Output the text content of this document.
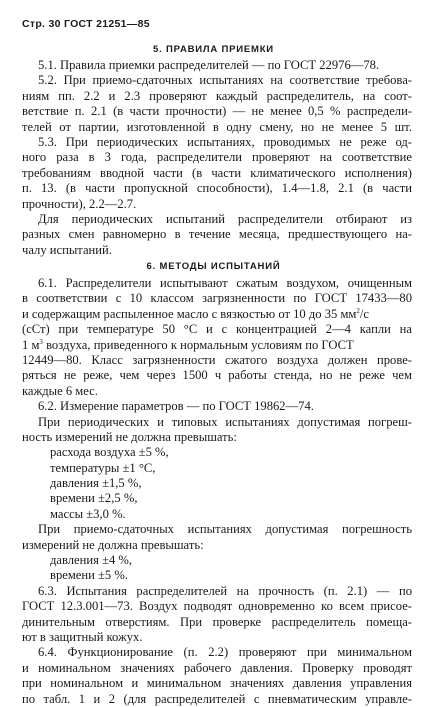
Стр. 30 ГОСТ 21251—85
5. ПРАВИЛА ПРИЕМКИ
5.1. Правила приемки распределителей — по ГОСТ 22976—78.
5.2. При приемо-сдаточных испытаниях на соответствие требова-
ниям пп. 2.2 и 2.3 проверяют каждый распределитель, на соот-
ветствие п. 2.1 (в части прочности) — не менее 0,5 % распредели-
телей от партии, изготовленной в одну смену, но не менее 5 шт.
5.3. При периодических испытаниях, проводимых не реже од-
ного раза в 3 года, распределители проверяют на соответствие
требованиям вводной части (в части климатического исполнения)
п. 13. (в части пропускной способности), 1.4—1.8, 2.1 (в части
прочности), 2.2—2.7.
Для периодических испытаний распределители отбирают из
разных смен равномерно в течение месяца, предшествующего на-
чалу испытаний.
6. МЕТОДЫ ИСПЫТАНИЙ
6.1. Распределители испытывают сжатым воздухом, очищенным
в соответствии с 10 классом загрязненности по ГОСТ 17433—80
и содержащим распыленное масло с вязкостью от 10 до 35 $мм^2/с$
(сСт) при температуре 50 °С и с концентрацией 2—4 капли на
1 $м^3$ воздуха, приведенного к нормальным условиям по ГОСТ
12449—80. Класс загрязненности сжатого воздуха должен прове-
ряться не реже, чем через 1500 ч работы стенда, но не реже чем
каждые 6 мес.
6.2. Измерение параметров — по ГОСТ 19862—74.
При периодических и типовых испытаниях допустимая погреш-
ность измерений не должна превышать:
расхода воздуха ±5 %,
температуры ±1 °С,
давления ±1,5 %,
времени ±2,5 %,
массы ±3,0 %.
При приемо-сдаточных испытаниях допустимая погрешность
измерений не должна превышать:
давления ±4 %,
времени ±5 %.
6.3. Испытания распределителей на прочность (п. 2.1) — по
ГОСТ 12.3.001—73. Воздух подводят одновременно ко всем присое-
динительным отверстиям. При проверке распределитель помеща-
ют в защитный кожух.
6.4. Функционирование (п. 2.2) проверяют при минимальном
и номинальном значениях рабочего давления. Проверку проводят
при номинальном и минимальном значениях давления управления
по табл. 1 и 2 (для распределителей с пневматическим управле-
